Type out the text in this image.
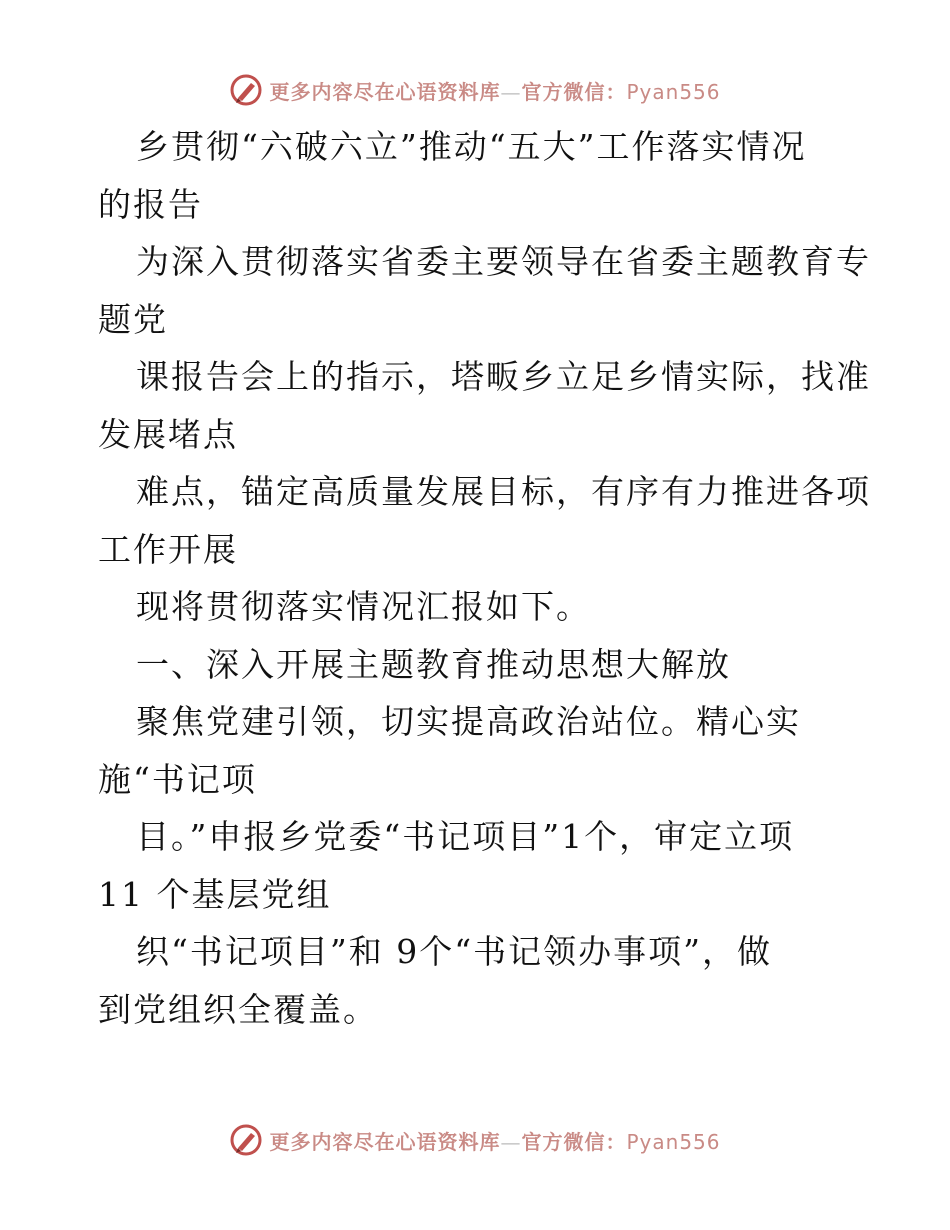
更多内容尽在心语资料库—官方微信：Pyan556
乡贯彻“六破六立”推动“五大”工作落实情况
的报告
为深入贯彻落实省委主要领导在省委主题教育专
题党
课报告会上的指示，塔畈乡立足乡情实际，找准
发展堵点
难点，锚定高质量发展目标，有序有力推进各项
工作开展
现将贯彻落实情况汇报如下。
一、深入开展主题教育推动思想大解放
聚焦党建引领，切实提高政治站位。精心实
施“书记项
目。”申报乡党委“书记项目”1个，审定立项
11 个基层党组
织“书记项目”和 9个“书记领办事项”，做
到党组织全覆盖。
更多内容尽在心语资料库—官方微信：Pyan556
